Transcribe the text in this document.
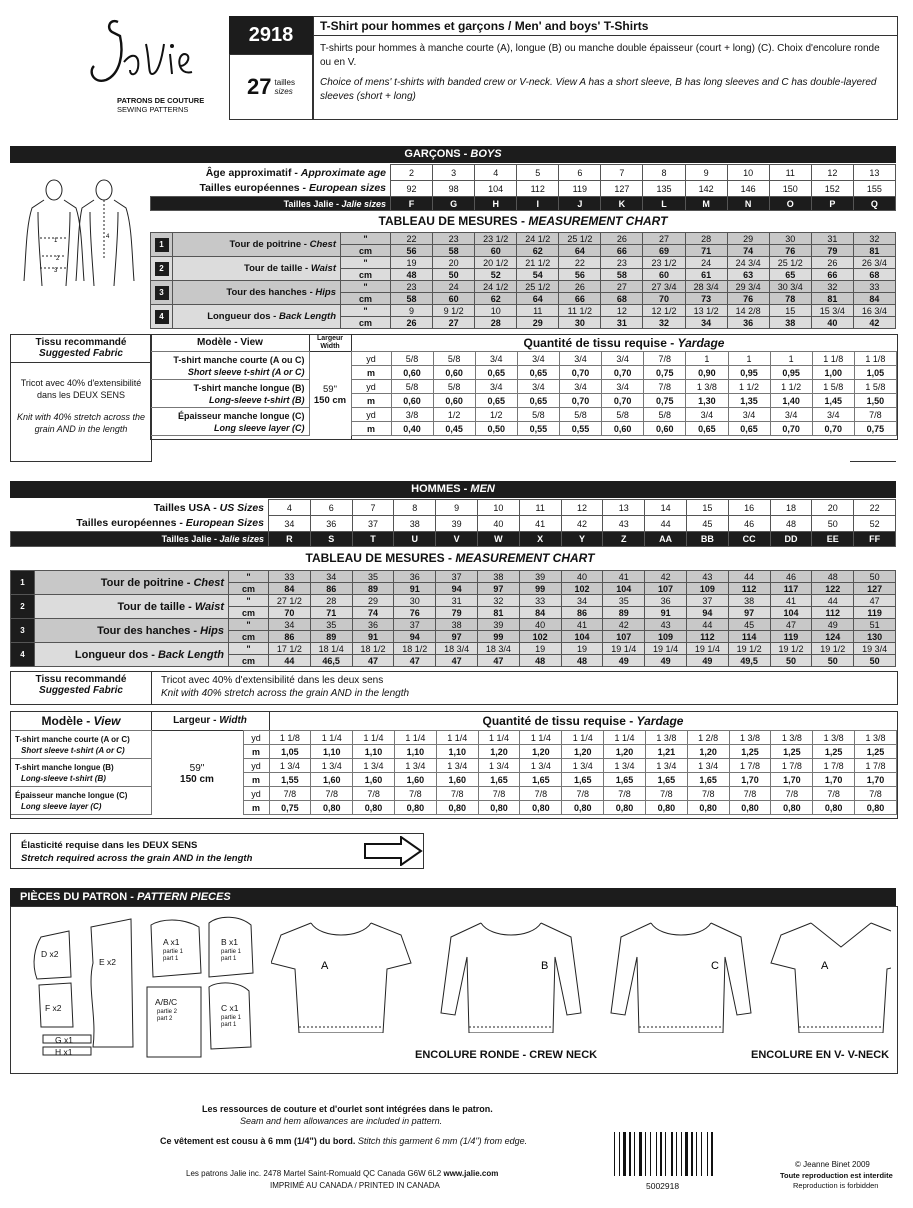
PATRONS DE COUTURE
SEWING PATTERNS
2918
27 tailles
sizes
T-Shirt pour hommes et garçons / Men' and boys' T-Shirts
T-shirts pour hommes à manche courte (A), longue (B) ou manche double épaisseur (court + long) (C). Choix d'encolure ronde ou en V.
Choice of mens' t-shirts with banded crew or V-neck. View A has a short sleeve, B has long sleeves and C has double-layered sleeves (short + long)
GARÇONS - BOYS
1
2
3
4
Âge approximatif - Approximate age	2	3	4	5	6	7	8	9	10	11	12	13
Tailles européennes - European sizes	92	98	104	112	119	127	135	142	146	150	152	155
Tailles Jalie - Jalie sizes	F	G	H	I	J	K	L	M	N	O	P	Q
TABLEAU DE MESURES - MEASUREMENT CHART
1	Tour de poitrine - Chest	"	22	23	23 1/2	24 1/2	25 1/2	26	27	28	29	30	31	32
		cm	56	58	60	62	64	66	69	71	74	76	79	81
2	Tour de taille - Waist	"	19	20	20 1/2	21 1/2	22	23	23 1/2	24	24 3/4	25 1/2	26	26 3/4
		cm	48	50	52	54	56	58	60	61	63	65	66	68
3	Tour des hanches - Hips	"	23	24	24 1/2	25 1/2	26	27	27 3/4	28 3/4	29 3/4	30 3/4	32	33
		cm	58	60	62	64	66	68	70	73	76	78	81	84
4	Longueur dos - Back Length	"	9	9 1/2	10	11	11 1/2	12	12 1/2	13 1/2	14 2/8	15	15 3/4	16 3/4
		cm	26	27	28	29	30	31	32	34	36	38	40	42
Tissu recommandé
Suggested Fabric
Tricot avec 40% d'extensibilité dans les DEUX SENS
Knit with 40% stretch across the grain AND in the length
Modèle - View	Largeur Width	Quantité de tissu requise - Yardage
59"
150 cm
T-shirt manche courte (A ou C)
Short sleeve t-shirt (A or C)		yd	5/8	5/8	3/4	3/4	3/4	3/4	7/8	1	1	1	1 1/8	1 1/8
		m	0,60	0,60	0,65	0,65	0,70	0,70	0,75	0,90	0,95	0,95	1,00	1,05
T-shirt manche longue (B)
Long-sleeve t-shirt (B)		yd	5/8	5/8	3/4	3/4	3/4	3/4	7/8	1 3/8	1 1/2	1 1/2	1 5/8	1 5/8
		m	0,60	0,60	0,65	0,65	0,70	0,70	0,75	1,30	1,35	1,40	1,45	1,50
Épaisseur manche longue (C)
Long sleeve layer (C)		yd	3/8	1/2	1/2	5/8	5/8	5/8	5/8	3/4	3/4	3/4	3/4	7/8
		m	0,40	0,45	0,50	0,55	0,55	0,60	0,60	0,65	0,65	0,70	0,70	0,75
HOMMES - MEN
Tailles USA - US Sizes	4	6	7	8	9	10	11	12	13	14	15	16	18	20	22
Tailles européennes - European Sizes	34	36	37	38	39	40	41	42	43	44	45	46	48	50	52
Tailles Jalie - Jalie sizes	R	S	T	U	V	W	X	Y	Z	AA	BB	CC	DD	EE	FF
TABLEAU DE MESURES - MEASUREMENT CHART
1	Tour de poitrine - Chest	"	33	34	35	36	37	38	39	40	41	42	43	44	46	48	50
		cm	84	86	89	91	94	97	99	102	104	107	109	112	117	122	127
2	Tour de taille - Waist	"	27 1/2	28	29	30	31	32	33	34	35	36	37	38	41	44	47
		cm	70	71	74	76	79	81	84	86	89	91	94	97	104	112	119
3	Tour des hanches - Hips	"	34	35	36	37	38	39	40	41	42	43	44	45	47	49	51
		cm	86	89	91	94	97	99	102	104	107	109	112	114	119	124	130
4	Longueur dos - Back Length	"	17 1/2	18 1/4	18 1/2	18 1/2	18 3/4	18 3/4	19	19	19 1/4	19 1/4	19 1/4	19 1/2	19 1/2	19 1/2	19 3/4
		cm	44	46,5	47	47	47	47	48	48	49	49	49	49,5	50	50	50
Tissu recommandé
Suggested Fabric
Tricot avec 40% d'extensibilité dans les deux sens
Knit with 40% stretch across the grain AND in the length
Modèle - View	Largeur - Width	Quantité de tissu requise - Yardage
59"
150 cm
T-shirt manche courte (A or C)
Short sleeve t-shirt (A or C)		yd	1 1/8	1 1/4	1 1/4	1 1/4	1 1/4	1 1/4	1 1/4	1 1/4	1 1/4	1 3/8	1 2/8	1 3/8	1 3/8	1 3/8	1 3/8
		m	1,05	1,10	1,10	1,10	1,10	1,20	1,20	1,20	1,20	1,21	1,20	1,25	1,25	1,25	1,25
T-shirt manche longue (B)
Long-sleeve t-shirt (B)		yd	1 3/4	1 3/4	1 3/4	1 3/4	1 3/4	1 3/4	1 3/4	1 3/4	1 3/4	1 3/4	1 3/4	1 7/8	1 7/8	1 7/8	1 7/8
		m	1,55	1,60	1,60	1,60	1,60	1,65	1,65	1,65	1,65	1,65	1,65	1,70	1,70	1,70	1,70
Épaisseur manche longue (C)
Long sleeve layer (C)		yd	7/8	7/8	7/8	7/8	7/8	7/8	7/8	7/8	7/8	7/8	7/8	7/8	7/8	7/8	7/8
		m	0,75	0,80	0,80	0,80	0,80	0,80	0,80	0,80	0,80	0,80	0,80	0,80	0,80	0,80	0,80
Élasticité requise dans les DEUX SENS
Stretch required across the grain AND in the length
PIÈCES DU PATRON - PATTERN PIECES
D x2
E x2
F x2
G x1
H x1
A x1
partie 1
part 1
B x1
partie 1
part 1
A/B/C
partie 2
part 2
C x1
partie 1
part 1
A	B	C	A
ENCOLURE RONDE - CREW NECK	ENCOLURE EN V- V-NECK
Les ressources de couture et d'ourlet sont intégrées dans le patron.
Seam and hem allowances are included in pattern.
Ce vêtement est cousu à 6 mm (1/4") du bord. Stitch this garment 6 mm (1/4") from edge.
Les patrons Jalie inc. 2478 Martel Saint-Romuald QC Canada G6W 6L2 www.jalie.com
IMPRIMÉ AU CANADA / PRINTED IN CANADA	5002918
© Jeanne Binet 2009
Toute reproduction est interdite
Reproduction is forbidden
